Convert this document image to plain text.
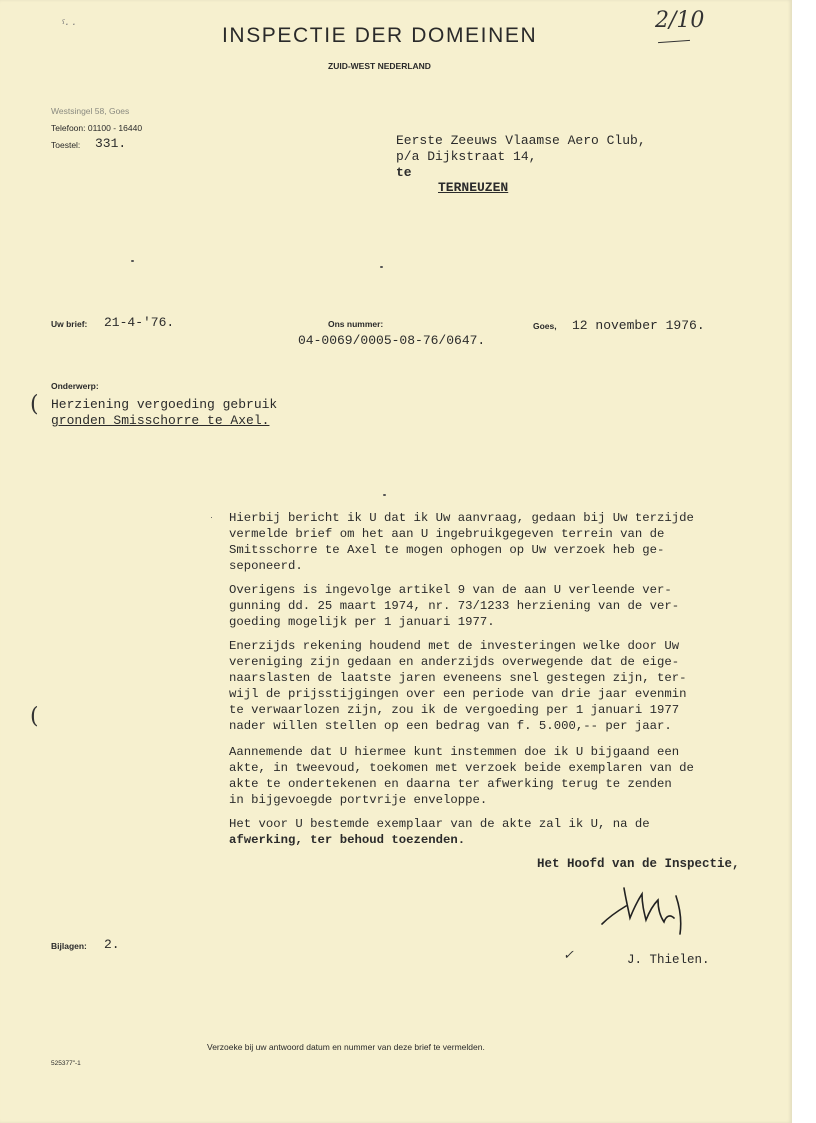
INSPECTIE DER DOMEINEN
ZUID-WEST NEDERLAND
ˁ· ·	2/10
Westsingel 58, Goes
Telefoon: 01100 - 16440
Toestel: 331.	Eerste Zeeuws Vlaamse Aero Club,
p/a Dijkstraat 14,
te
TERNEUZEN
Uw brief: 21-4-'76.	Ons nummer:
04-0069/0005-08-76/0647.
Goes, 12 november 1976.
Onderwerp:
( Herziening vergoeding gebruik
gronden Smisschorre te Axel.
·
(
Hierbij bericht ik U dat ik Uw aanvraag, gedaan bij Uw terzijde
vermelde brief om het aan U ingebruikgegeven terrein van de
Smitsschorre te Axel te mogen ophogen op Uw verzoek heb ge-
seponeerd.
Overigens is ingevolge artikel 9 van de aan U verleende ver-
gunning dd. 25 maart 1974, nr. 73/1233 herziening van de ver-
goeding mogelijk per 1 januari 1977.
Enerzijds rekening houdend met de investeringen welke door Uw
vereniging zijn gedaan en anderzijds overwegende dat de eige-
naarslasten de laatste jaren eveneens snel gestegen zijn, ter-
wijl de prijsstijgingen over een periode van drie jaar evenmin
te verwaarlozen zijn, zou ik de vergoeding per 1 januari 1977
nader willen stellen op een bedrag van f. 5.000,-- per jaar.
Aannemende dat U hiermee kunt instemmen doe ik U bijgaand een
akte, in tweevoud, toekomen met verzoek beide exemplaren van de
akte te ondertekenen en daarna ter afwerking terug te zenden
in bijgevoegde portvrije enveloppe.
Het voor U bestemde exemplaar van de akte zal ik U, na de
afwerking, ter behoud toezenden.
Het Hoofd van de Inspectie,
✓	J. Thielen.
Bijlagen: 2.
Verzoeke bij uw antwoord datum en nummer van deze brief te vermelden.
525377"-1
